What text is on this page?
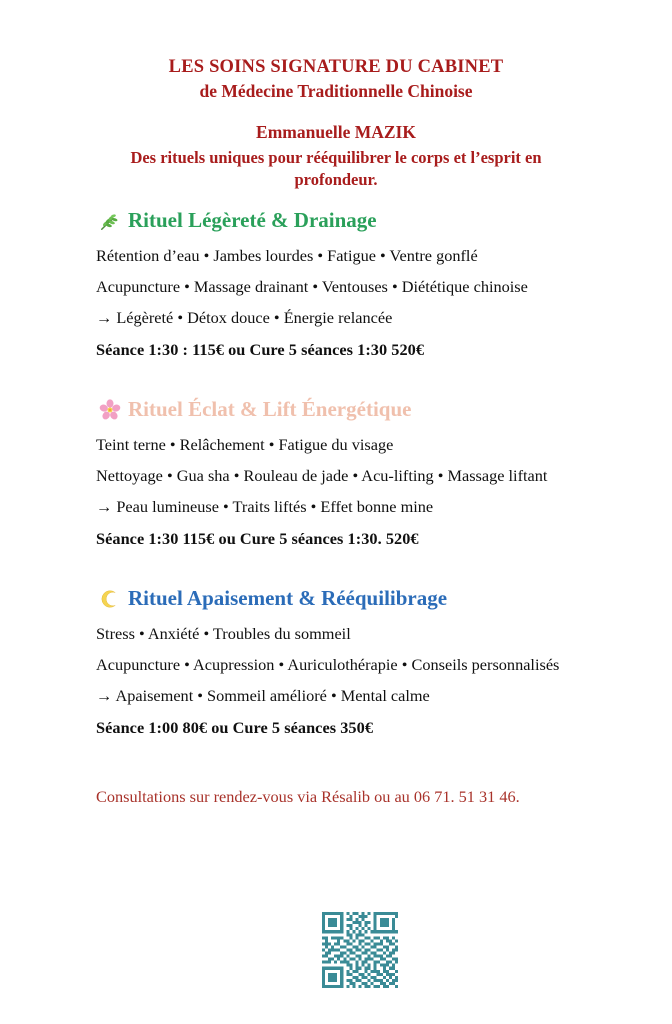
LES SOINS SIGNATURE DU CABINET

de Médecine Traditionnelle Chinoise

Emmanuelle MAZIK

Des rituels uniques pour rééquilibrer le corps et l’esprit en profondeur.

Rituel Légèreté & Drainage

Rétention d’eau • Jambes lourdes • Fatigue • Ventre gonflé

Acupuncture • Massage drainant • Ventouses • Diététique chinoise

→ Légèreté • Détox douce • Énergie relancée

Séance 1:30 : 115€ ou Cure 5 séances 1:30 520€

Rituel Éclat & Lift Énergétique

Teint terne • Relâchement • Fatigue du visage

Nettoyage • Gua sha • Rouleau de jade • Acu-lifting • Massage liftant

→ Peau lumineuse • Traits liftés • Effet bonne mine

Séance 1:30 115€ ou Cure 5 séances 1:30. 520€

Rituel Apaisement & Rééquilibrage

Stress • Anxiété • Troubles du sommeil

Acupuncture • Acupression • Auriculothérapie • Conseils personnalisés

→ Apaisement • Sommeil amélioré • Mental calme

Séance 1:00 80€ ou Cure 5 séances 350€

Consultations sur rendez-vous via Résalib ou au 06 71. 51 31 46.
